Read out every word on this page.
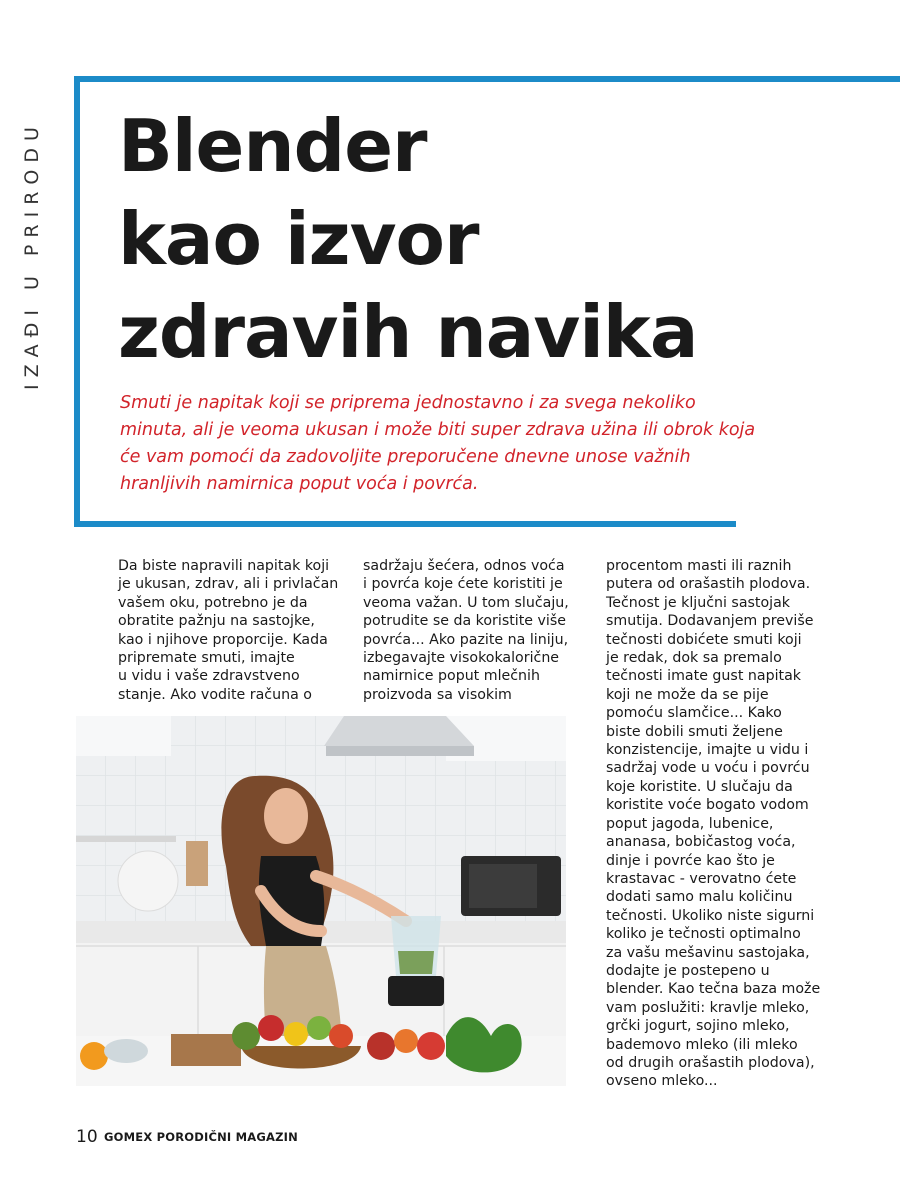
IZAĐI U PRIRODU Blender
kao izvor
zdravih navika

Smuti je napitak koji se priprema jednostavno i za svega nekoliko minuta, ali je veoma ukusan i može biti super zdrava užina ili obrok koja će vam pomoći da zadovoljite preporučene dnevne unose važnih hranljivih namirnica poput voća i povrća.

Da biste napravili napitak koji
je ukusan, zdrav, ali i privlačan
vašem oku, potrebno je da
obratite pažnju na sastojke,
kao i njihove proporcije. Kada
pripremate smuti, imajte
u vidu i vaše zdravstveno
stanje. Ako vodite računa o
sadržaju šećera, odnos voća
i povrća koje ćete koristiti je
veoma važan. U tom slučaju,
potrudite se da koristite više
povrća... Ako pazite na liniju,
izbegavajte visokokalorične
namirnice poput mlečnih
proizvoda sa visokim
procentom masti ili raznih
putera od orašastih plodova.
Tečnost je ključni sastojak
smutija. Dodavanjem previše
tečnosti dobićete smuti koji
je redak, dok sa premalo
tečnosti imate gust napitak
koji ne može da se pije
pomoću slamčice... Kako
biste dobili smuti željene
konzistencije, imajte u vidu i
sadržaj vode u voću i povrću
koje koristite. U slučaju da
koristite voće bogato vodom
poput jagoda, lubenice,
ananasa, bobičastog voća,
dinje i povrće kao što je
krastavac - verovatno ćete
dodati samo malu količinu
tečnosti. Ukoliko niste sigurni
koliko je tečnosti optimalno
za vašu mešavinu sastojaka,
dodajte je postepeno u
blender. Kao tečna baza može
vam poslužiti: kravlje mleko,
grčki jogurt, sojino mleko,
bademovo mleko (ili mleko
od drugih orašastih plodova),
ovseno mleko...
10 GOMEX PORODIČNI MAGAZIN
